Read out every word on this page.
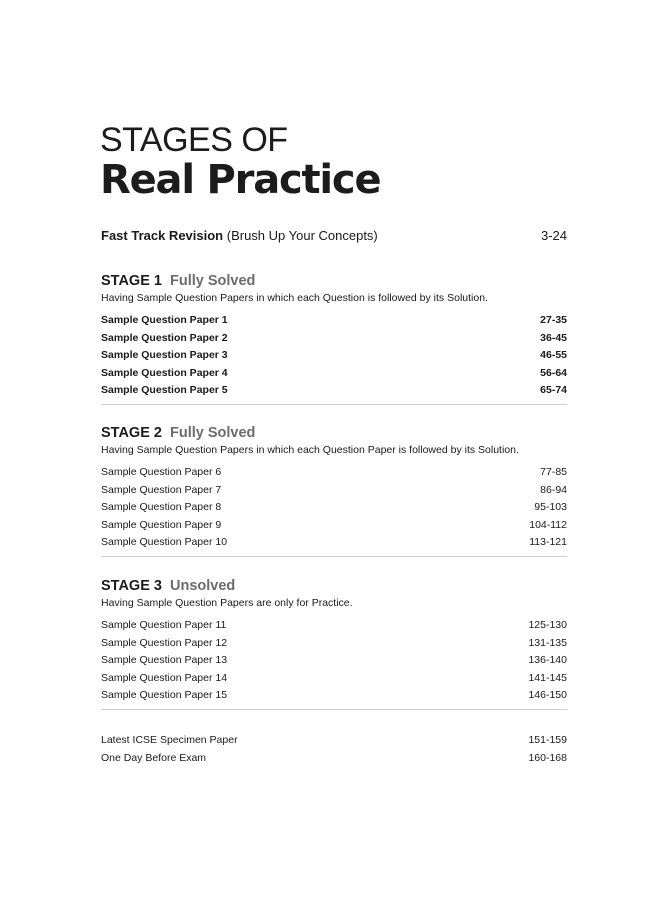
STAGES OF
Real Practice
Fast Track Revision (Brush Up Your Concepts)	3-24
STAGE 1 Fully Solved
Having Sample Question Papers in which each Question is followed by its Solution.
Sample Question Paper 1	27-35
Sample Question Paper 2	36-45
Sample Question Paper 3	46-55
Sample Question Paper 4	56-64
Sample Question Paper 5	65-74
STAGE 2 Fully Solved
Having Sample Question Papers in which each Question Paper is followed by its Solution.
Sample Question Paper 6	77-85
Sample Question Paper 7	86-94
Sample Question Paper 8	95-103
Sample Question Paper 9	104-112
Sample Question Paper 10	113-121
STAGE 3 Unsolved
Having Sample Question Papers are only for Practice.
Sample Question Paper 11	125-130
Sample Question Paper 12	131-135
Sample Question Paper 13	136-140
Sample Question Paper 14	141-145
Sample Question Paper 15	146-150
Latest ICSE Specimen Paper	151-159
One Day Before Exam	160-168
